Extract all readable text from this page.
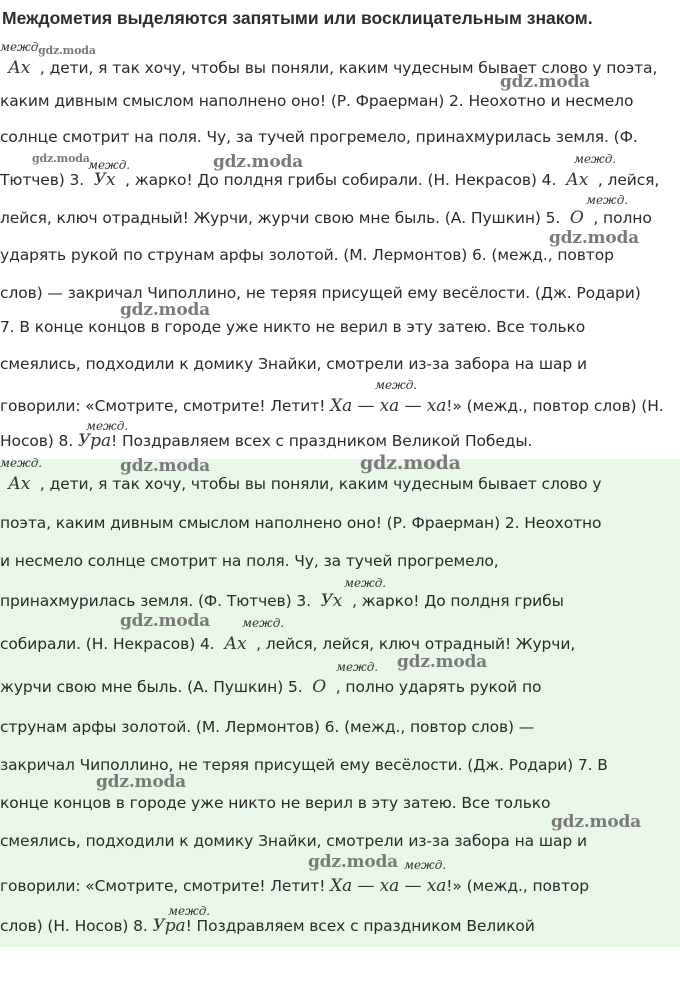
Междометия выделяются запятыми или восклицательным знаком.
межд.
gdz.moda
Ах , дети, я так хочу, чтобы вы поняли, каким чудесным бывает слово у поэта,
gdz.moda
каким дивным смыслом наполнено оно! (Р. Фраерман) 2. Неохотно и несмело
солнце смотрит на поля. Чу, за тучей прогремело, принахмурилась земля. (Ф.
gdz.moda
межд.	gdz.moda	межд.
Тютчев) 3. Ух , жарко! До полдня грибы собирали. (Н. Некрасов) 4. Ах , лейся,
межд.
лейся, ключ отрадный! Журчи, журчи свою мне быль. (А. Пушкин) 5. О , полно
gdz.moda
ударять рукой по струнам арфы золотой. (М. Лермонтов) 6. (межд., повтор
слов) — закричал Чиполлино, не теряя присущей ему весёлости. (Дж. Родари)
gdz.moda
7. В конце концов в городе уже никто не верил в эту затею. Все только
смеялись, подходили к домику Знайки, смотрели из-за забора на шар и
межд.
говорили: «Смотрите, смотрите! Летит! Ха — ха — ха!» (межд., повтор слов) (Н.
межд.
Носов) 8. Ура! Поздравляем всех с праздником Великой Победы.
межд.	gdz.moda	gdz.moda
Ах , дети, я так хочу, чтобы вы поняли, каким чудесным бывает слово у
поэта, каким дивным смыслом наполнено оно! (Р. Фраерман) 2. Неохотно
и несмело солнце смотрит на поля. Чу, за тучей прогремело,
межд.
принахмурилась земля. (Ф. Тютчев) 3. Ух , жарко! До полдня грибы
gdz.moda	межд.
собирали. (Н. Некрасов) 4. Ах , лейся, лейся, ключ отрадный! Журчи,
межд. gdz.moda
журчи свою мне быль. (А. Пушкин) 5. О , полно ударять рукой по
струнам арфы золотой. (М. Лермонтов) 6. (межд., повтор слов) —
закричал Чиполлино, не теряя присущей ему весёлости. (Дж. Родари) 7. В
gdz.moda
конце концов в городе уже никто не верил в эту затею. Все только
gdz.moda
смеялись, подходили к домику Знайки, смотрели из-за забора на шар и
gdz.moda межд.
говорили: «Смотрите, смотрите! Летит! Ха — ха — ха!» (межд., повтор
межд.
слов) (Н. Носов) 8. Ура! Поздравляем всех с праздником Великой
